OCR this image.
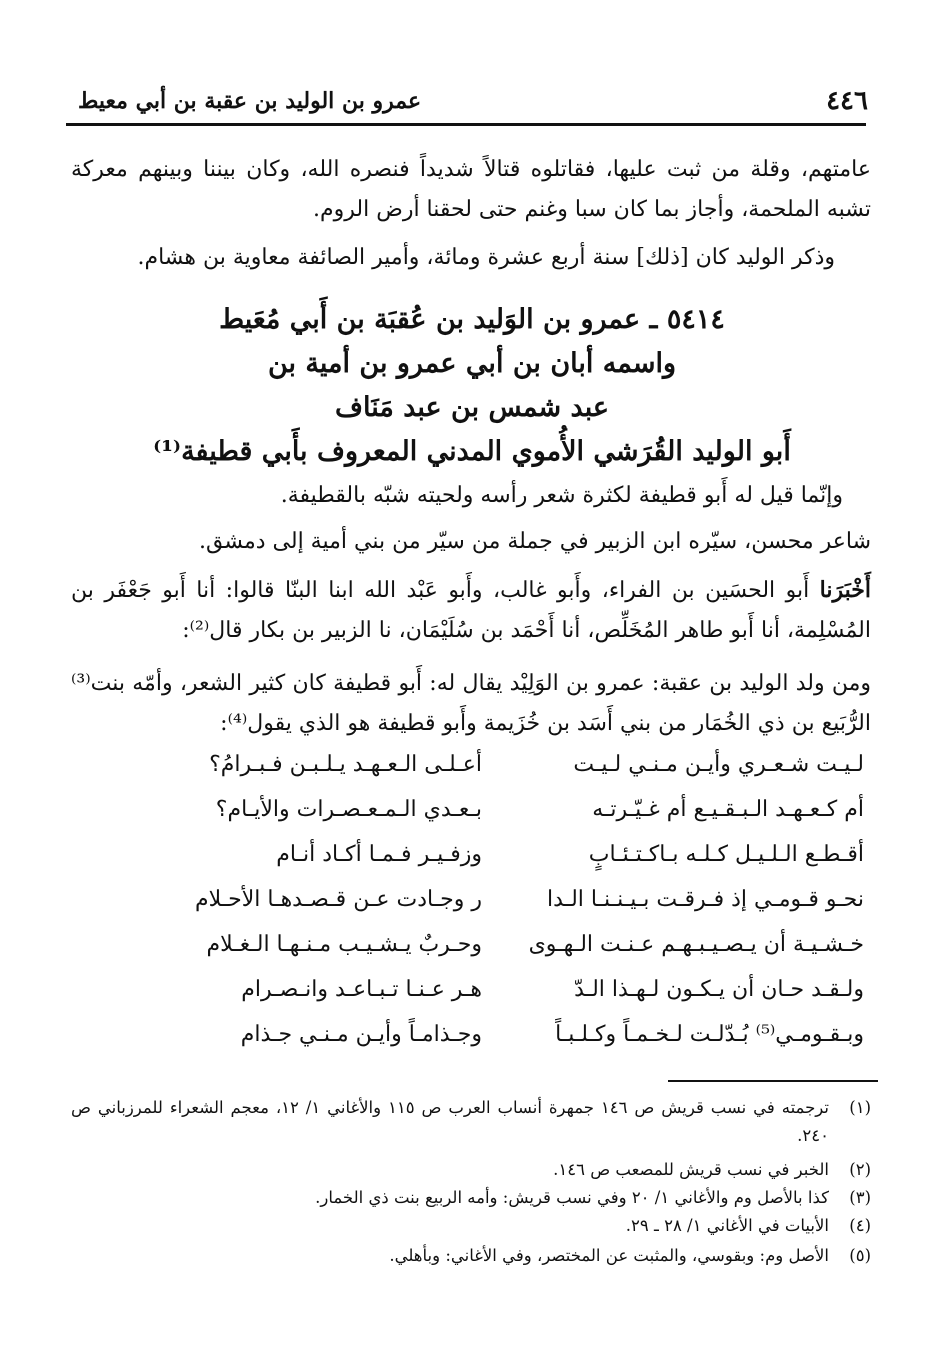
٤٤٦
عمرو بن الوليد بن عقبة بن أبي معيط
عامتهم، وقلة من ثبت عليها، فقاتلوه قتالاً شديداً فنصره الله، وكان بيننا وبينهم معركة تشبه الملحمة، وأجاز بما كان سبا وغنم حتى لحقنا أرض الروم.
وذكر الوليد كان [ذلك] سنة أربع عشرة ومائة، وأمير الصائفة معاوية بن هشام.
٥٤١٤ ـ عمرو بن الوَليد بن عُقبَة بن أَبي مُعَيط
واسمه أبان بن أبي عمرو بن أمية بن
عبد شمس بن عبد مَنَاف
أَبو الوليد القُرَشي الأُموي المدني المعروف بأَبي قطيفة⁽¹⁾
وإنّما قيل له أَبو قطيفة لكثرة شعر رأسه ولحيته شبّه بالقطيفة.
شاعر محسن، سيّره ابن الزبير في جملة من سيّر من بني أمية إلى دمشق.
أَخْبَرَنا أَبو الحسَين بن الفراء، وأَبو غالب، وأَبو عَبْد الله ابنا البنّا قالوا: أنا أَبو جَعْفَر بن المُسْلِمة، أنا أَبو طاهر المُخَلِّص، أنا أَحْمَد بن سُلَيْمَان، نا الزبير بن بكار قال⁽²⁾:
ومن ولد الوليد بن عقبة: عمرو بن الوَلِيْد يقال له: أَبو قطيفة كان كثير الشعر، وأمّه بنت⁽³⁾ الرُّبَيع بن ذي الخُمَار من بني أَسَد بن خُزَيمة وأَبو قطيفة هو الذي يقول⁽⁴⁾:
لـيـت شـعـري وأيـن مـنـي لـيـت
أعـلـى الـعـهـد يـلـبـن فـبـرامُ؟
أم كـعـهـد الـبـقـيـع أم غـيّـرتـه
بـعـدي الـمـعـصـرات والأيـام؟
أقـطـع الـلـيـل كـلـه بـاكـتـئـابٍ
وزفـيـر فـمـا أكـاد أنـام
نحـو قـومـي إذ فـرقـت بـيـنـنـا الـدا
ر وجـادت عـن قـصـدهـا الأحـلام
خـشـيـة أن يـصـيـبـهـم عـنـت الـهـوى
وحـربٌ يـشـيـب مـنـهـا الـغـلام
ولـقـد حـان أن يـكـون لـهـذا الـدّ
هـر عـنـا تـبـاعـد وانـصـرام
وبـقـومـي⁽⁵⁾ بُـدّلـت لـخـمـاً وكـلـبـاً
وجـذامـاً وأيـن مـنـي جـذام
(١)
ترجمته في نسب قريش ص ١٤٦ جمهرة أنساب العرب ص ١١٥ والأغاني ١/ ١٢، معجم الشعراء للمرزباني ص ٢٤٠.
(٢)
الخبر في نسب قريش للمصعب ص ١٤٦.
(٣)
كذا بالأصل وم والأغاني ١/ ٢٠ وفي نسب قريش: وأمه الربيع بنت ذي الخمار.
(٤)
الأبيات في الأغاني ١/ ٢٨ ـ ٢٩.
(٥)
الأصل وم: وبقوسي، والمثبت عن المختصر، وفي الأغاني: وبأهلي.
